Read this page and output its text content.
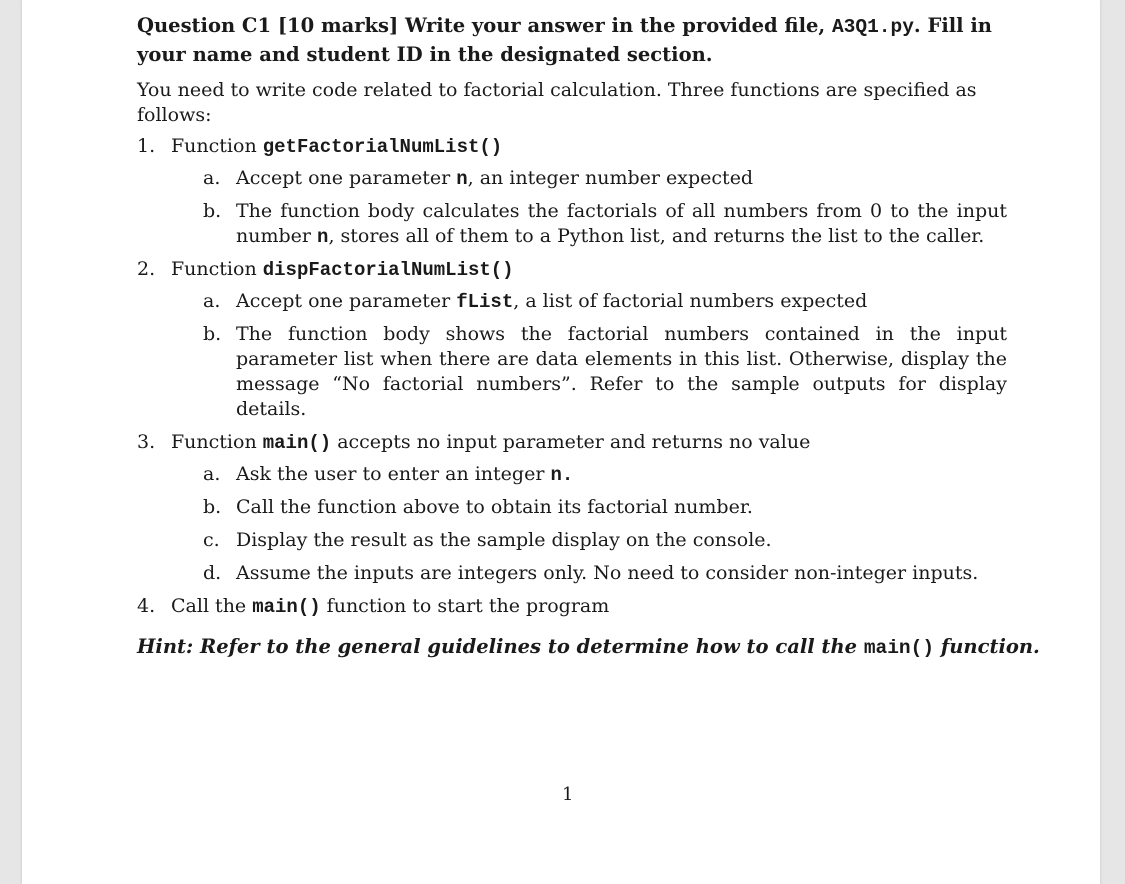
Question C1 [10 marks] Write your answer in the provided file, A3Q1.py. Fill in your name and student ID in the designated section.

You need to write code related to factorial calculation. Three functions are specified as follows:

1. Function getFactorialNumList()
a. Accept one parameter n, an integer number expected
b. The function body calculates the factorials of all numbers from 0 to the input number n, stores all of them to a Python list, and returns the list to the caller.
2. Function dispFactorialNumList()
a. Accept one parameter fList, a list of factorial numbers expected
b. The function body shows the factorial numbers contained in the input parameter list when there are data elements in this list. Otherwise, display the message “No factorial numbers”. Refer to the sample outputs for display details.
3. Function main() accepts no input parameter and returns no value
a. Ask the user to enter an integer n.
b. Call the function above to obtain its factorial number.
c. Display the result as the sample display on the console.
d. Assume the inputs are integers only. No need to consider non-integer inputs.
4. Call the main() function to start the program
Hint: Refer to the general guidelines to determine how to call the main() function.
1
